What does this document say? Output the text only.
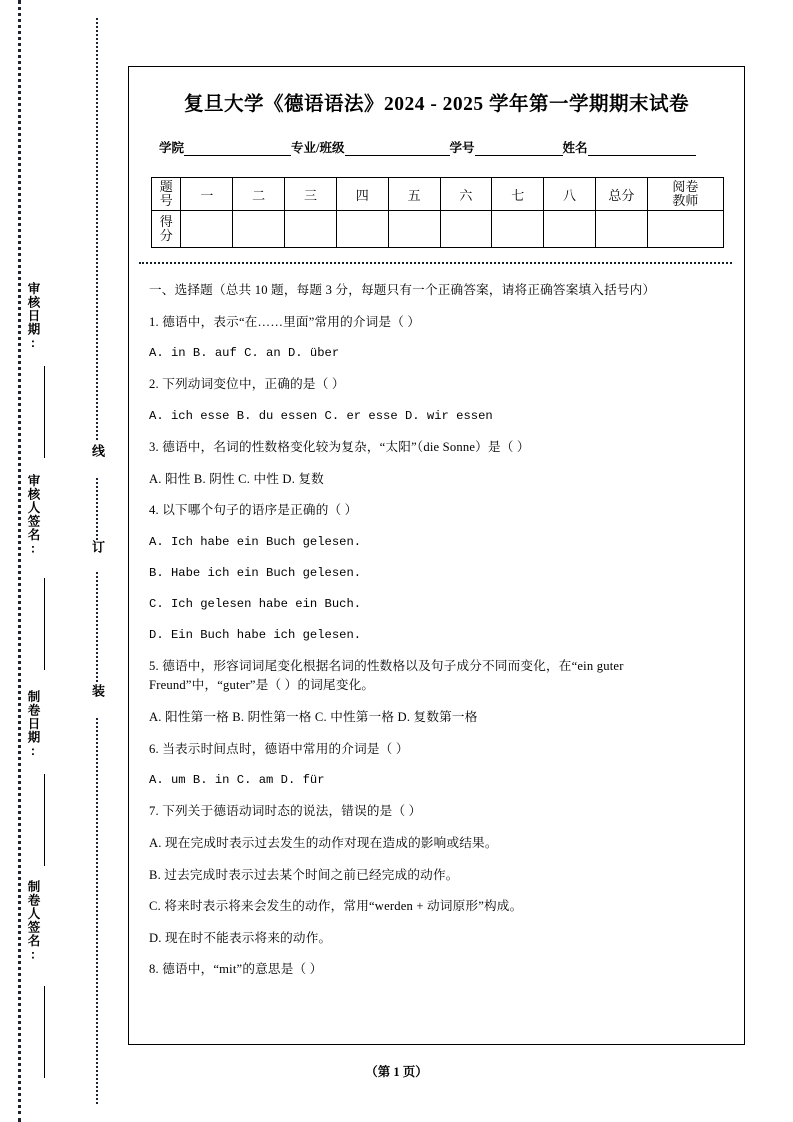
审核日期:
审核人签名:
制卷日期:
制卷人签名:
线
订
装
复旦大学《德语语法》2024 - 2025 学年第一学期期末试卷
学院	专业/班级	学号	姓名
题
号	一	二	三	四	五	六	七	八	总分	阅卷
教师

得
分										

一、选择题（总共 10 题，每题 3 分，每题只有一个正确答案，请将正确答案填入括号内）
1. 德语中，表示“在……里面”常用的介词是（ ）
A. in B. auf C. an D. über
2. 下列动词变位中，正确的是（ ）
A. ich esse B. du essen C. er esse D. wir essen
3. 德语中，名词的性数格变化较为复杂，“太阳”（die Sonne）是（ ）
A. 阳性 B. 阴性 C. 中性 D. 复数
4. 以下哪个句子的语序是正确的（ ）
A. Ich habe ein Buch gelesen.
B. Habe ich ein Buch gelesen.
C. Ich gelesen habe ein Buch.
D. Ein Buch habe ich gelesen.
5. 德语中，形容词词尾变化根据名词的性数格以及句子成分不同而变化，在“ein guter Freund”中，“guter”是（ ）的词尾变化。
A. 阳性第一格 B. 阴性第一格 C. 中性第一格 D. 复数第一格
6. 当表示时间点时，德语中常用的介词是（ ）
A. um B. in C. am D. für
7. 下列关于德语动词时态的说法，错误的是（ ）
A. 现在完成时表示过去发生的动作对现在造成的影响或结果。
B. 过去完成时表示过去某个时间之前已经完成的动作。
C. 将来时表示将来会发生的动作，常用“werden + 动词原形”构成。
D. 现在时不能表示将来的动作。
8. 德语中，“mit”的意思是（ ）
（第 1 页）
